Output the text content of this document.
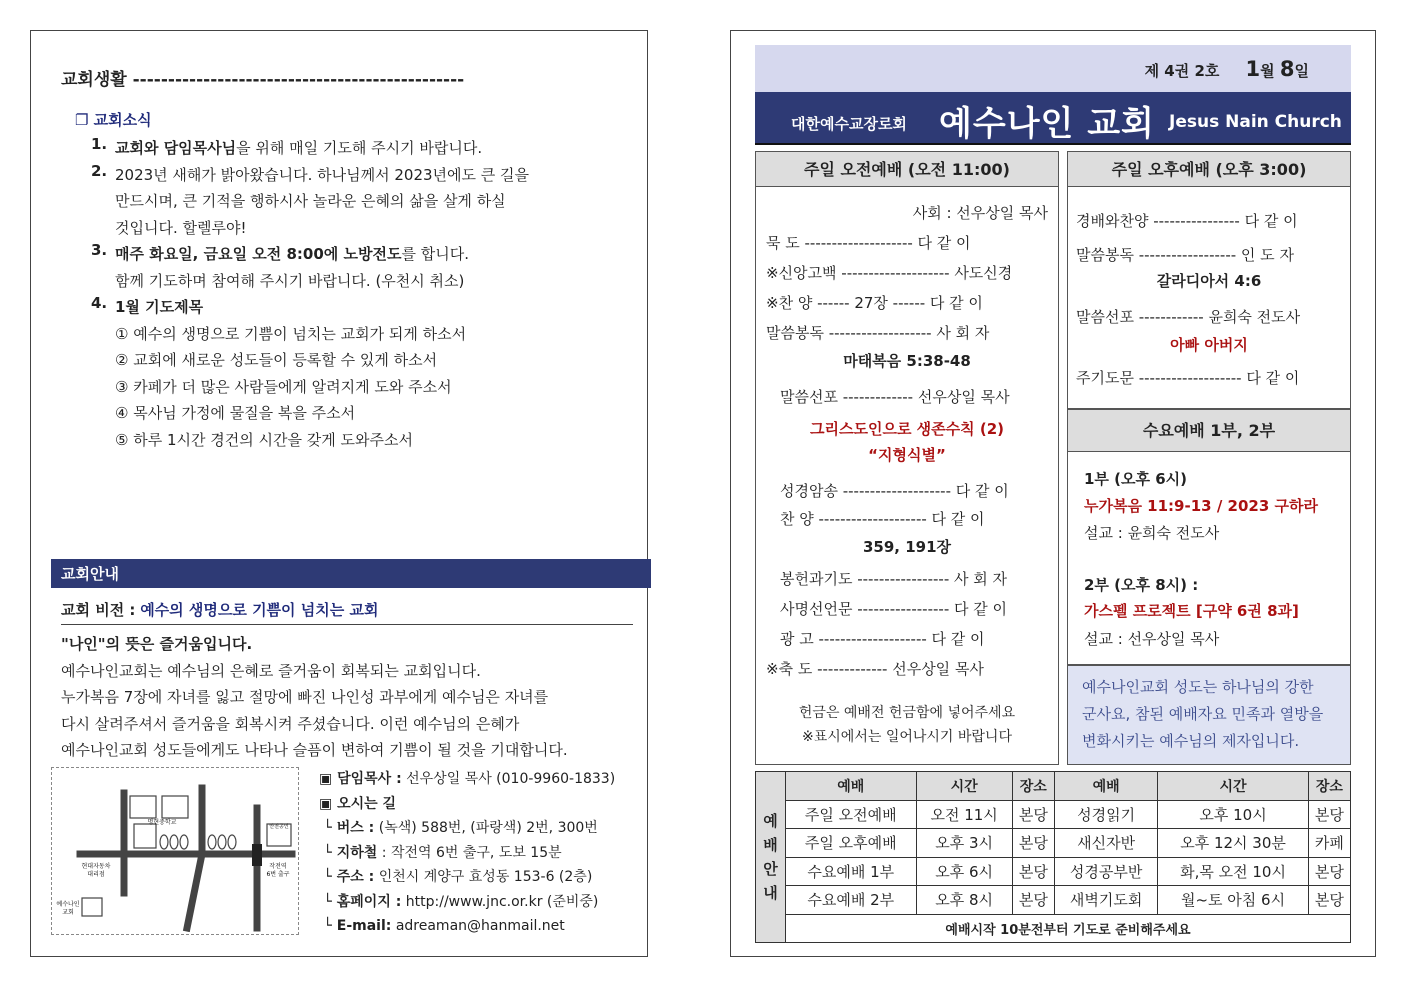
교회생활 -----------------------------------------------
❐ 교회소식
1. 교회와 담임목사님을 위해 매일 기도해 주시기 바랍니다.
2. 2023년 새해가 밝아왔습니다. 하나님께서 2023년에도 큰 길을
만드시며, 큰 기적을 행하시사 놀라운 은혜의 삶을 살게 하실
것입니다. 할렐루야!
3. 매주 화요일, 금요일 오전 8:00에 노방전도를 합니다.
함께 기도하며 참여해 주시기 바랍니다. (우천시 취소)
4. 1월 기도제목
① 예수의 생명으로 기쁨이 넘치는 교회가 되게 하소서
② 교회에 새로운 성도들이 등록할 수 있게 하소서
③ 카페가 더 많은 사람들에게 알려지게 도와 주소서
④ 목사님 가정에 물질을 복을 주소서
⑤ 하루 1시간 경건의 시간을 갖게 도와주소서
교회안내
교회 비전 : 예수의 생명으로 기쁨이 넘치는 교회
"나인"의 뜻은 즐거움입니다.
예수나인교회는 예수님의 은혜로 즐거움이 회복되는 교회입니다.
누가복음 7장에 자녀를 잃고 절망에 빠진 나인성 과부에게 예수님은 자녀를
다시 살려주셔서 즐거움을 회복시켜 주셨습니다. 이런 예수님의 은혜가
예수나인교회 성도들에게도 나타나 슬픔이 변하여 기쁨이 될 것을 기대합니다.
명현중학교
안전공인
현대자동차 대리점
작전역 6번 출구
예수나인 교회
▣ 담임목사 : 선우상일 목사 (010-9960-1833)
▣ 오시는 길
└ 버스 : (녹색) 588번, (파랑색) 2번, 300번
└ 지하철 : 작전역 6번 출구, 도보 15분
└ 주소 : 인천시 계양구 효성동 153-6 (2층)
└ 홈페이지 : http://www.jnc.or.kr (준비중)
└ E-mail: adreaman@hanmail.net
제 4권 2호 1월 8일
대한예수교장로회 예수나인 교회 Jesus Nain Church
주일 오전예배 (오전 11:00)
사회 : 선우상일 목사
묵 도 -------------------- 다 같 이
※신앙고백 -------------------- 사도신경
※찬 양 ------ 27장 ------ 다 같 이
말씀봉독 ------------------- 사 회 자
마태복음 5:38-48
말씀선포 ------------- 선우상일 목사
그리스도인으로 생존수칙 (2)
“지형식별”
성경암송 -------------------- 다 같 이
찬 양 -------------------- 다 같 이
359, 191장
봉헌과기도 ----------------- 사 회 자
사명선언문 ----------------- 다 같 이
광 고 -------------------- 다 같 이
※축 도 ------------- 선우상일 목사
헌금은 예배전 헌금함에 넣어주세요
※표시에서는 일어나시기 바랍니다
주일 오후예배 (오후 3:00)
경배와찬양 ---------------- 다 같 이
말씀봉독 ------------------ 인 도 자
갈라디아서 4:6
말씀선포 ------------ 윤희숙 전도사
아빠 아버지
주기도문 ------------------- 다 같 이
수요예배 1부, 2부
1부 (오후 6시)
누가복음 11:9-13 / 2023 구하라
설교 : 윤희숙 전도사
2부 (오후 8시) :
가스펠 프로젝트 [구약 6권 8과]
설교 : 선우상일 목사
예수나인교회 성도는 하나님의 강한
군사요, 참된 예배자요 민족과 열방을
변화시키는 예수님의 제자입니다.
예
배
안
내	예배	시간	장소	예배	시간	장소
	주일 오전예배	오전 11시	본당	성경읽기	오후 10시	본당
	주일 오후예배	오후 3시	본당	새신자반	오후 12시 30분	카페
	수요예배 1부	오후 6시	본당	성경공부반	화,목 오전 10시	본당
	수요예배 2부	오후 8시	본당	새벽기도회	월~토 아침 6시	본당
	예배시작 10분전부터 기도로 준비해주세요					
